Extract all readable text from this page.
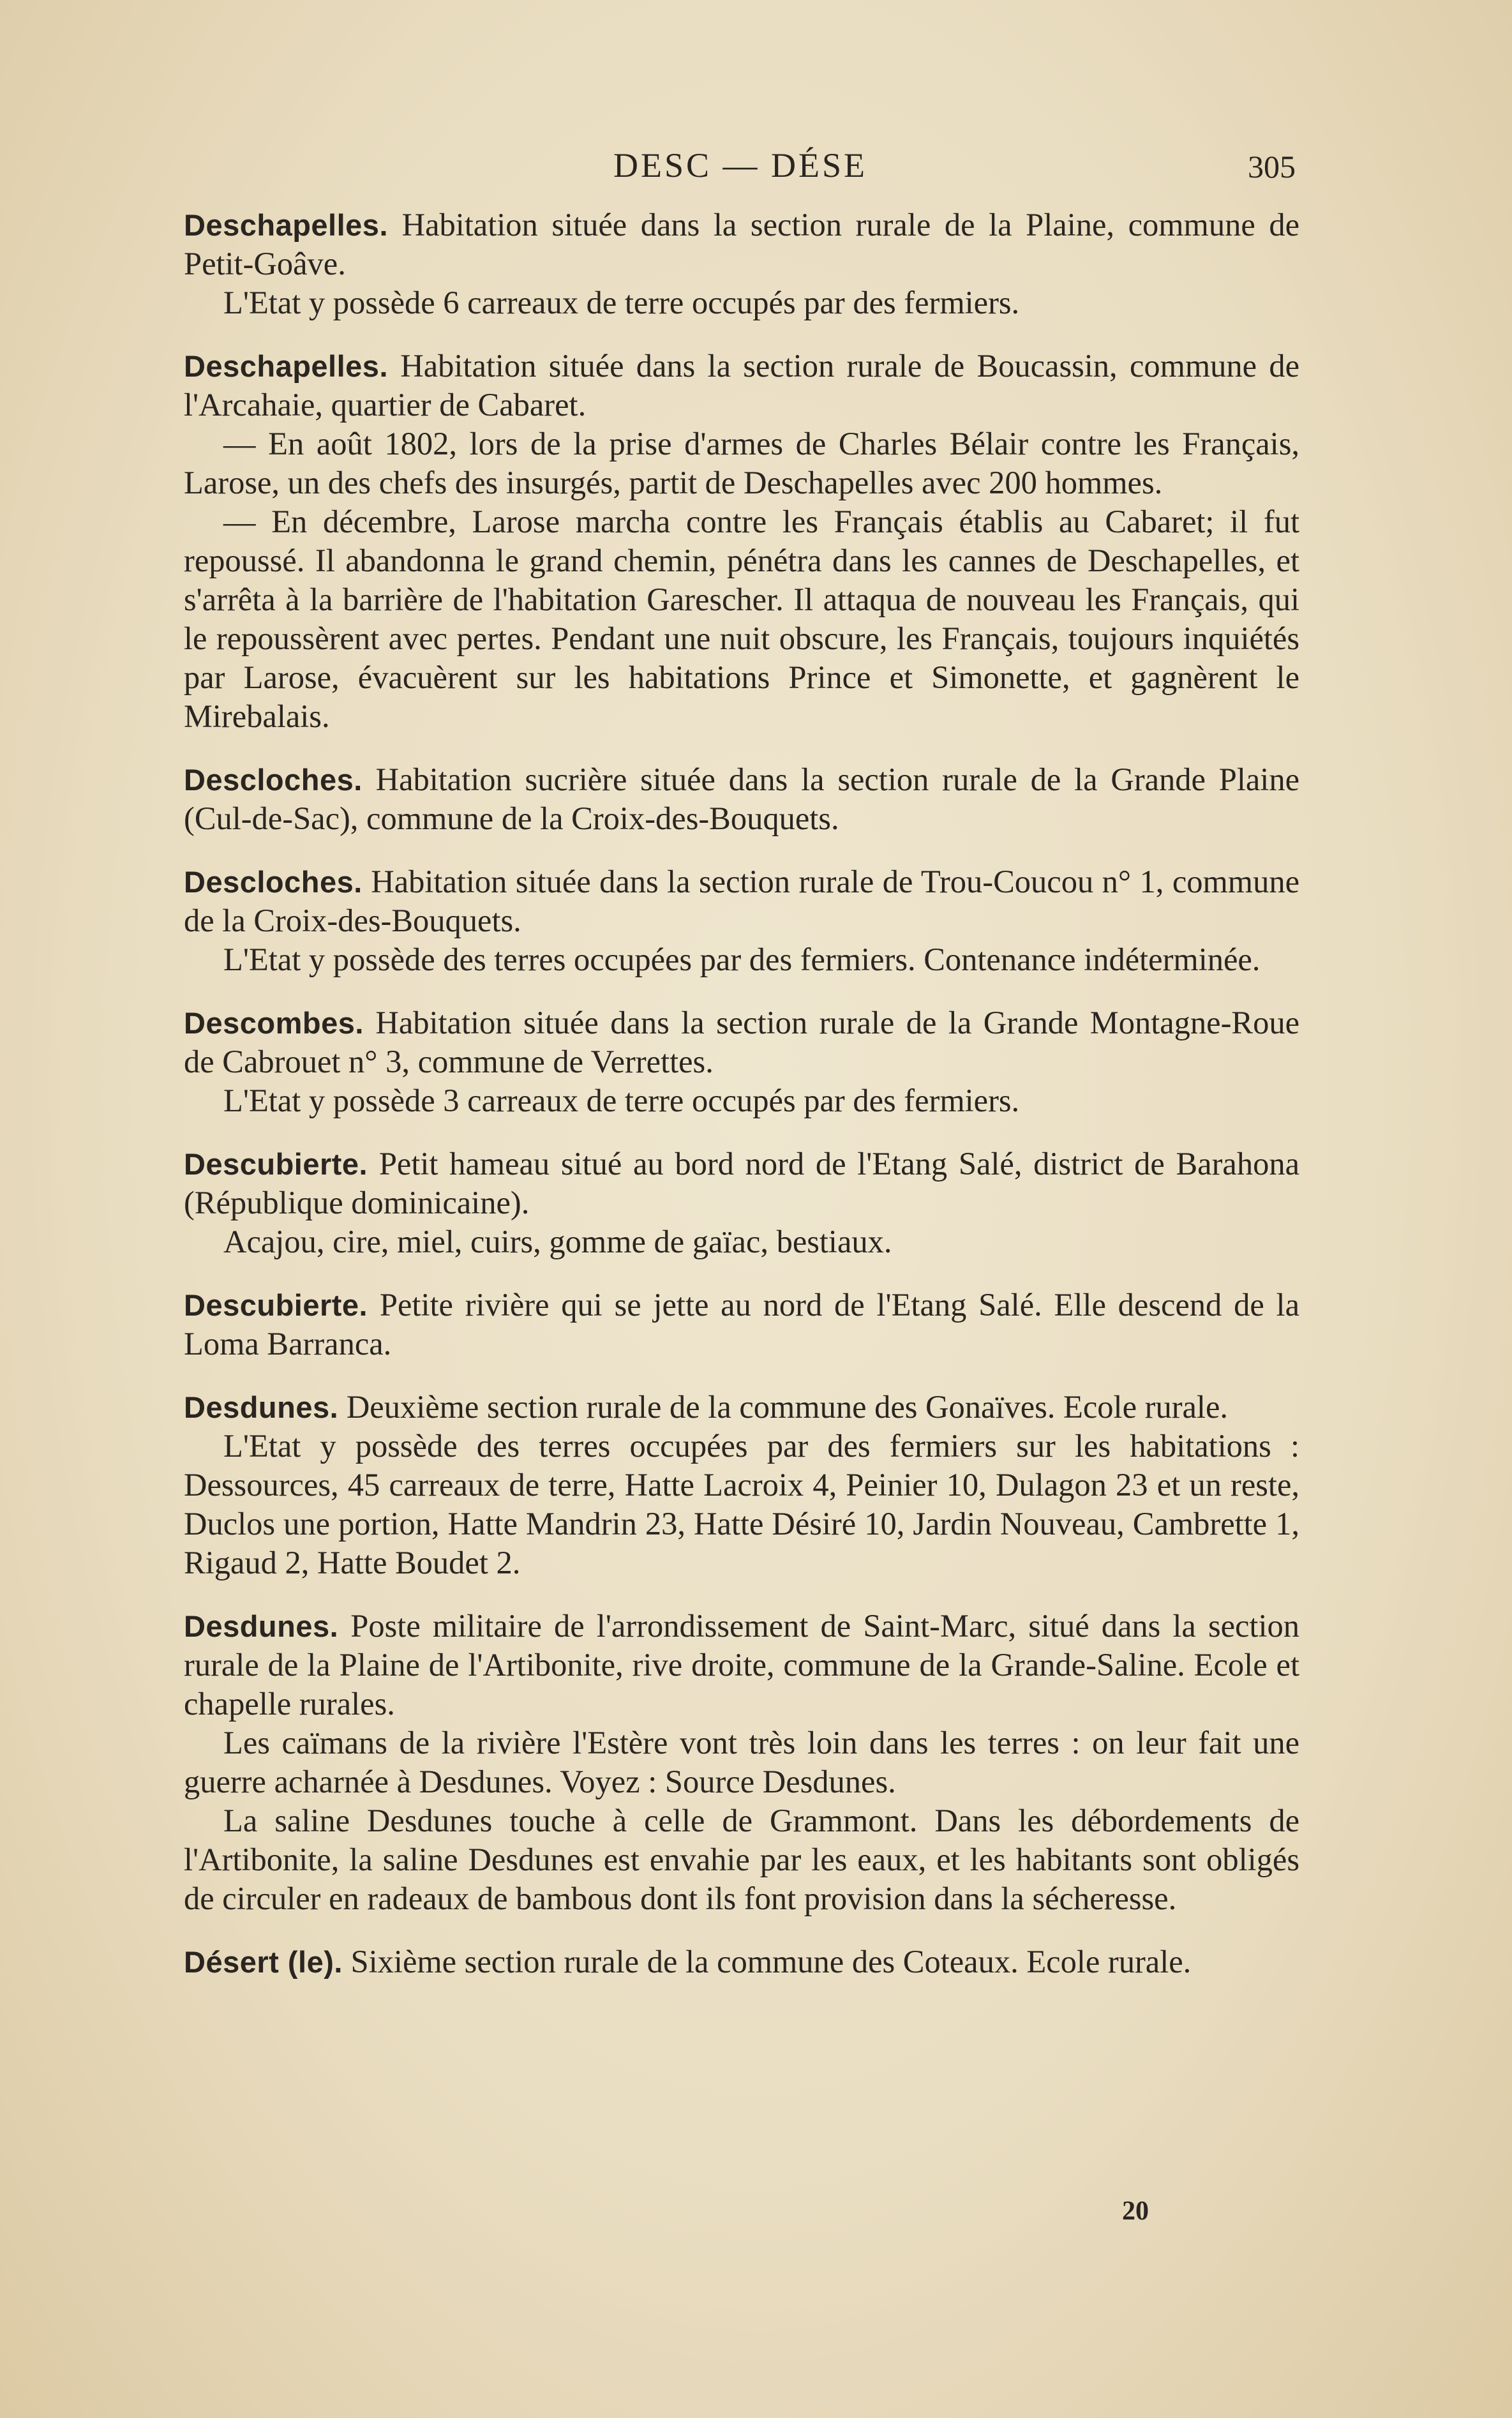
DESC — DÉSE	305

Deschapelles. Habitation située dans la section rurale de la Plaine, commune de Petit-Goâve.

L'Etat y possède 6 carreaux de terre occupés par des fermiers.

Deschapelles. Habitation située dans la section rurale de Boucassin, commune de l'Arcahaie, quartier de Cabaret.

— En août 1802, lors de la prise d'armes de Charles Bélair contre les Français, Larose, un des chefs des insurgés, partit de Deschapelles avec 200 hommes.

— En décembre, Larose marcha contre les Français établis au Cabaret; il fut repoussé. Il abandonna le grand chemin, pénétra dans les cannes de Deschapelles, et s'arrêta à la barrière de l'habitation Garescher. Il attaqua de nouveau les Français, qui le repoussèrent avec pertes. Pendant une nuit obscure, les Français, toujours inquiétés par Larose, évacuèrent sur les habitations Prince et Simonette, et gagnèrent le Mirebalais.

Descloches. Habitation sucrière située dans la section rurale de la Grande Plaine (Cul-de-Sac), commune de la Croix-des-Bouquets.

Descloches. Habitation située dans la section rurale de Trou-Coucou n° 1, commune de la Croix-des-Bouquets.

L'Etat y possède des terres occupées par des fermiers. Contenance indéterminée.

Descombes. Habitation située dans la section rurale de la Grande Montagne-Roue de Cabrouet n° 3, commune de Verrettes.

L'Etat y possède 3 carreaux de terre occupés par des fermiers.

Descubierte. Petit hameau situé au bord nord de l'Etang Salé, district de Barahona (République dominicaine).

Acajou, cire, miel, cuirs, gomme de gaïac, bestiaux.

Descubierte. Petite rivière qui se jette au nord de l'Etang Salé. Elle descend de la Loma Barranca.

Desdunes. Deuxième section rurale de la commune des Gonaïves. Ecole rurale.

L'Etat y possède des terres occupées par des fermiers sur les habitations : Dessources, 45 carreaux de terre, Hatte Lacroix 4, Peinier 10, Dulagon 23 et un reste, Duclos une portion, Hatte Mandrin 23, Hatte Désiré 10, Jardin Nouveau, Cambrette 1, Rigaud 2, Hatte Boudet 2.

Desdunes. Poste militaire de l'arrondissement de Saint-Marc, situé dans la section rurale de la Plaine de l'Artibonite, rive droite, commune de la Grande-Saline. Ecole et chapelle rurales.

Les caïmans de la rivière l'Estère vont très loin dans les terres : on leur fait une guerre acharnée à Desdunes. Voyez : Source Desdunes.

La saline Desdunes touche à celle de Grammont. Dans les débordements de l'Artibonite, la saline Desdunes est envahie par les eaux, et les habitants sont obligés de circuler en radeaux de bambous dont ils font provision dans la sécheresse.

Désert (le). Sixième section rurale de la commune des Coteaux. Ecole rurale.

20
